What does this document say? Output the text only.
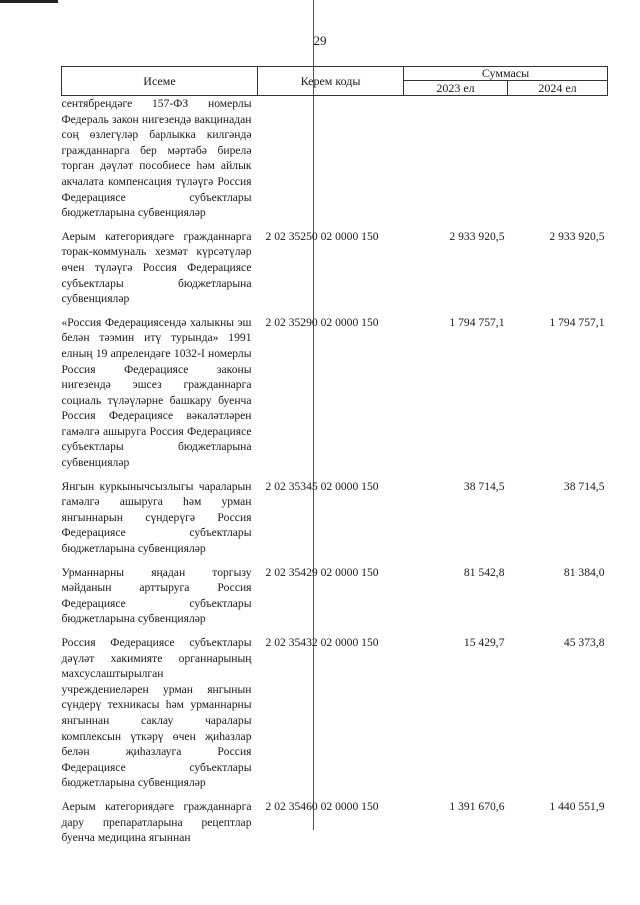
29
Исеме	Керем коды	Суммасы	
		2023 ел	2024 ел
сентябрендәге 157-ФЗ номерлы Федераль закон нигезендә вакцинадан соң өзлегүләр барлыкка килгәндә гражданнарга бер мәртәбә бирелә торган дәүләт пособиесе һәм айлык акчалата компенсация түләүгә Россия Федерациясе субъектлары бюджетларына субвенцияләр			
Аерым категориядәге гражданнарга торак-коммуналь хезмәт күрсәтүләр өчен түләүгә Россия Федерациясе субъектлары бюджетларына субвенцияләр	2 02 35250 02 0000 150	2 933 920,5	2 933 920,5
«Россия Федерациясендә халыкны эш белән тәэмин итү турында» 1991 елның 19 апрелендәге 1032-I номерлы Россия Федерациясе законы нигезендә эшсез гражданнарга социаль түләүләрне башкару буенча Россия Федерациясе вәкаләтләрен гамәлгә ашыруга Россия Федерациясе субъектлары бюджетларына субвенцияләр	2 02 35290 02 0000 150	1 794 757,1	1 794 757,1
Янгын куркынычсызлыгы чараларын гамәлгә ашыруга һәм урман янгыннарын сүндерүгә Россия Федерациясе субъектлары бюджетларына субвенцияләр	2 02 35345 02 0000 150	38 714,5	38 714,5
Урманнарны яңадан торгызу мәйданын арттыруга Россия Федерациясе субъектлары бюджетларына субвенцияләр	2 02 35429 02 0000 150	81 542,8	81 384,0
Россия Федерациясе субъектлары дәүләт хакимияте органнарының махсуслаштырылган учреждениеләрен урман янгынын сүндерү техникасы һәм урманнарны янгыннан саклау чаралары комплексын үткәрү өчен җиһазлар белән җиһазлауга Россия Федерациясе субъектлары бюджетларына субвенцияләр	2 02 35432 02 0000 150	15 429,7	45 373,8
Аерым категориядәге гражданнарга дару препаратларына рецептлар буенча медицина ягыннан	2 02 35460 02 0000 150	1 391 670,6	1 440 551,9
